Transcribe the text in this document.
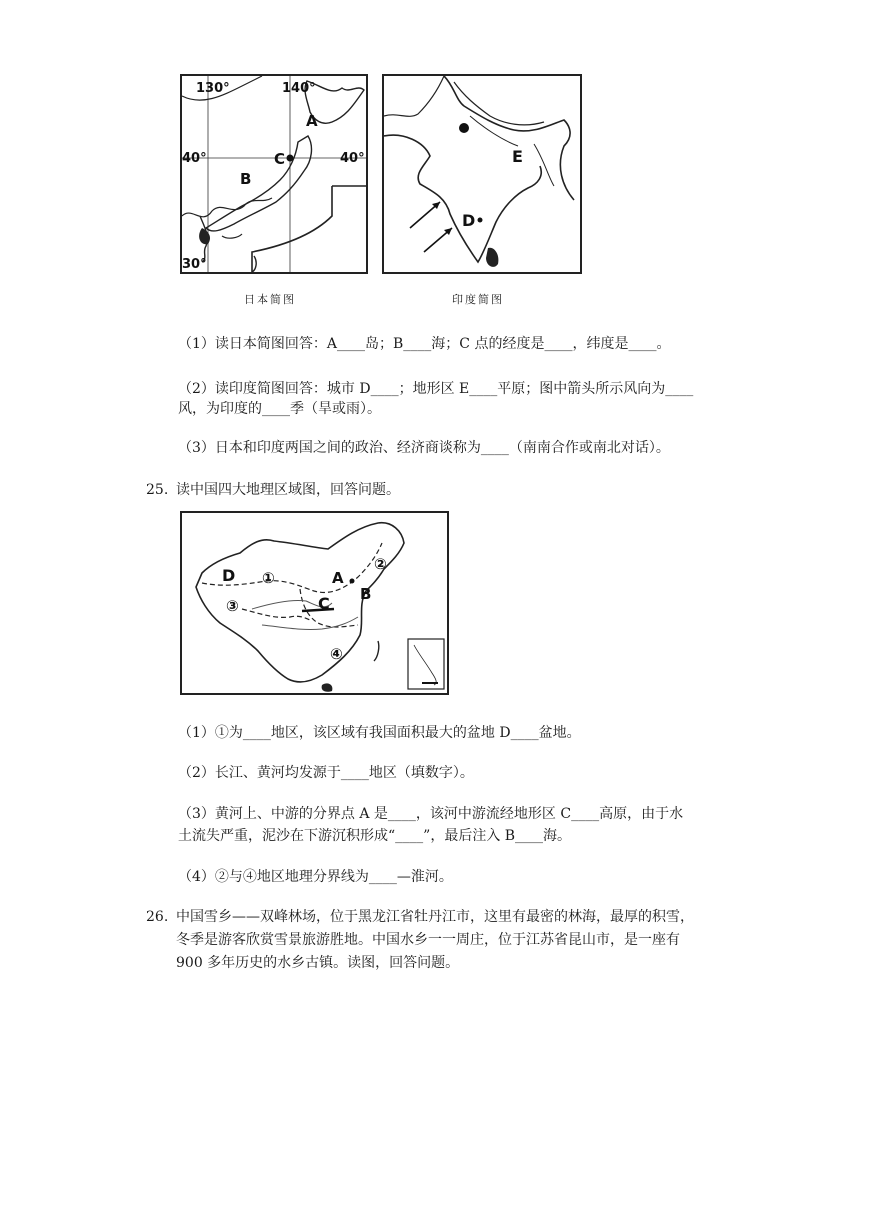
130°	140°
40°	40°
30°
A
B
C
日本简图
E
D
印度简图
（1）读日本简图回答：A____岛；B____海；C 点的经度是____，纬度是____。
（2）读印度简图回答：城市 D____；地形区 E____平原；图中箭头所示风向为____
风，为印度的____季（旱或雨）。
（3）日本和印度两国之间的政治、经济商谈称为____（南南合作或南北对话）。
25. 读中国四大地理区域图，回答问题。
D ①
②
③
④
A
B
C
（1）①为____地区，该区域有我国面积最大的盆地 D____盆地。
（2）长江、黄河均发源于____地区（填数字）。
（3）黄河上、中游的分界点 A 是____，该河中游流经地形区 C____高原，由于水
土流失严重，泥沙在下游沉积形成“____”，最后注入 B____海。
（4）②与④地区地理分界线为____—淮河。
26. 中国雪乡——双峰林场，位于黑龙江省牡丹江市，这里有最密的林海，最厚的积雪，
冬季是游客欣赏雪景旅游胜地。中国水乡一一周庄，位于江苏省昆山市，是一座有
900 多年历史的水乡古镇。读图，回答问题。
